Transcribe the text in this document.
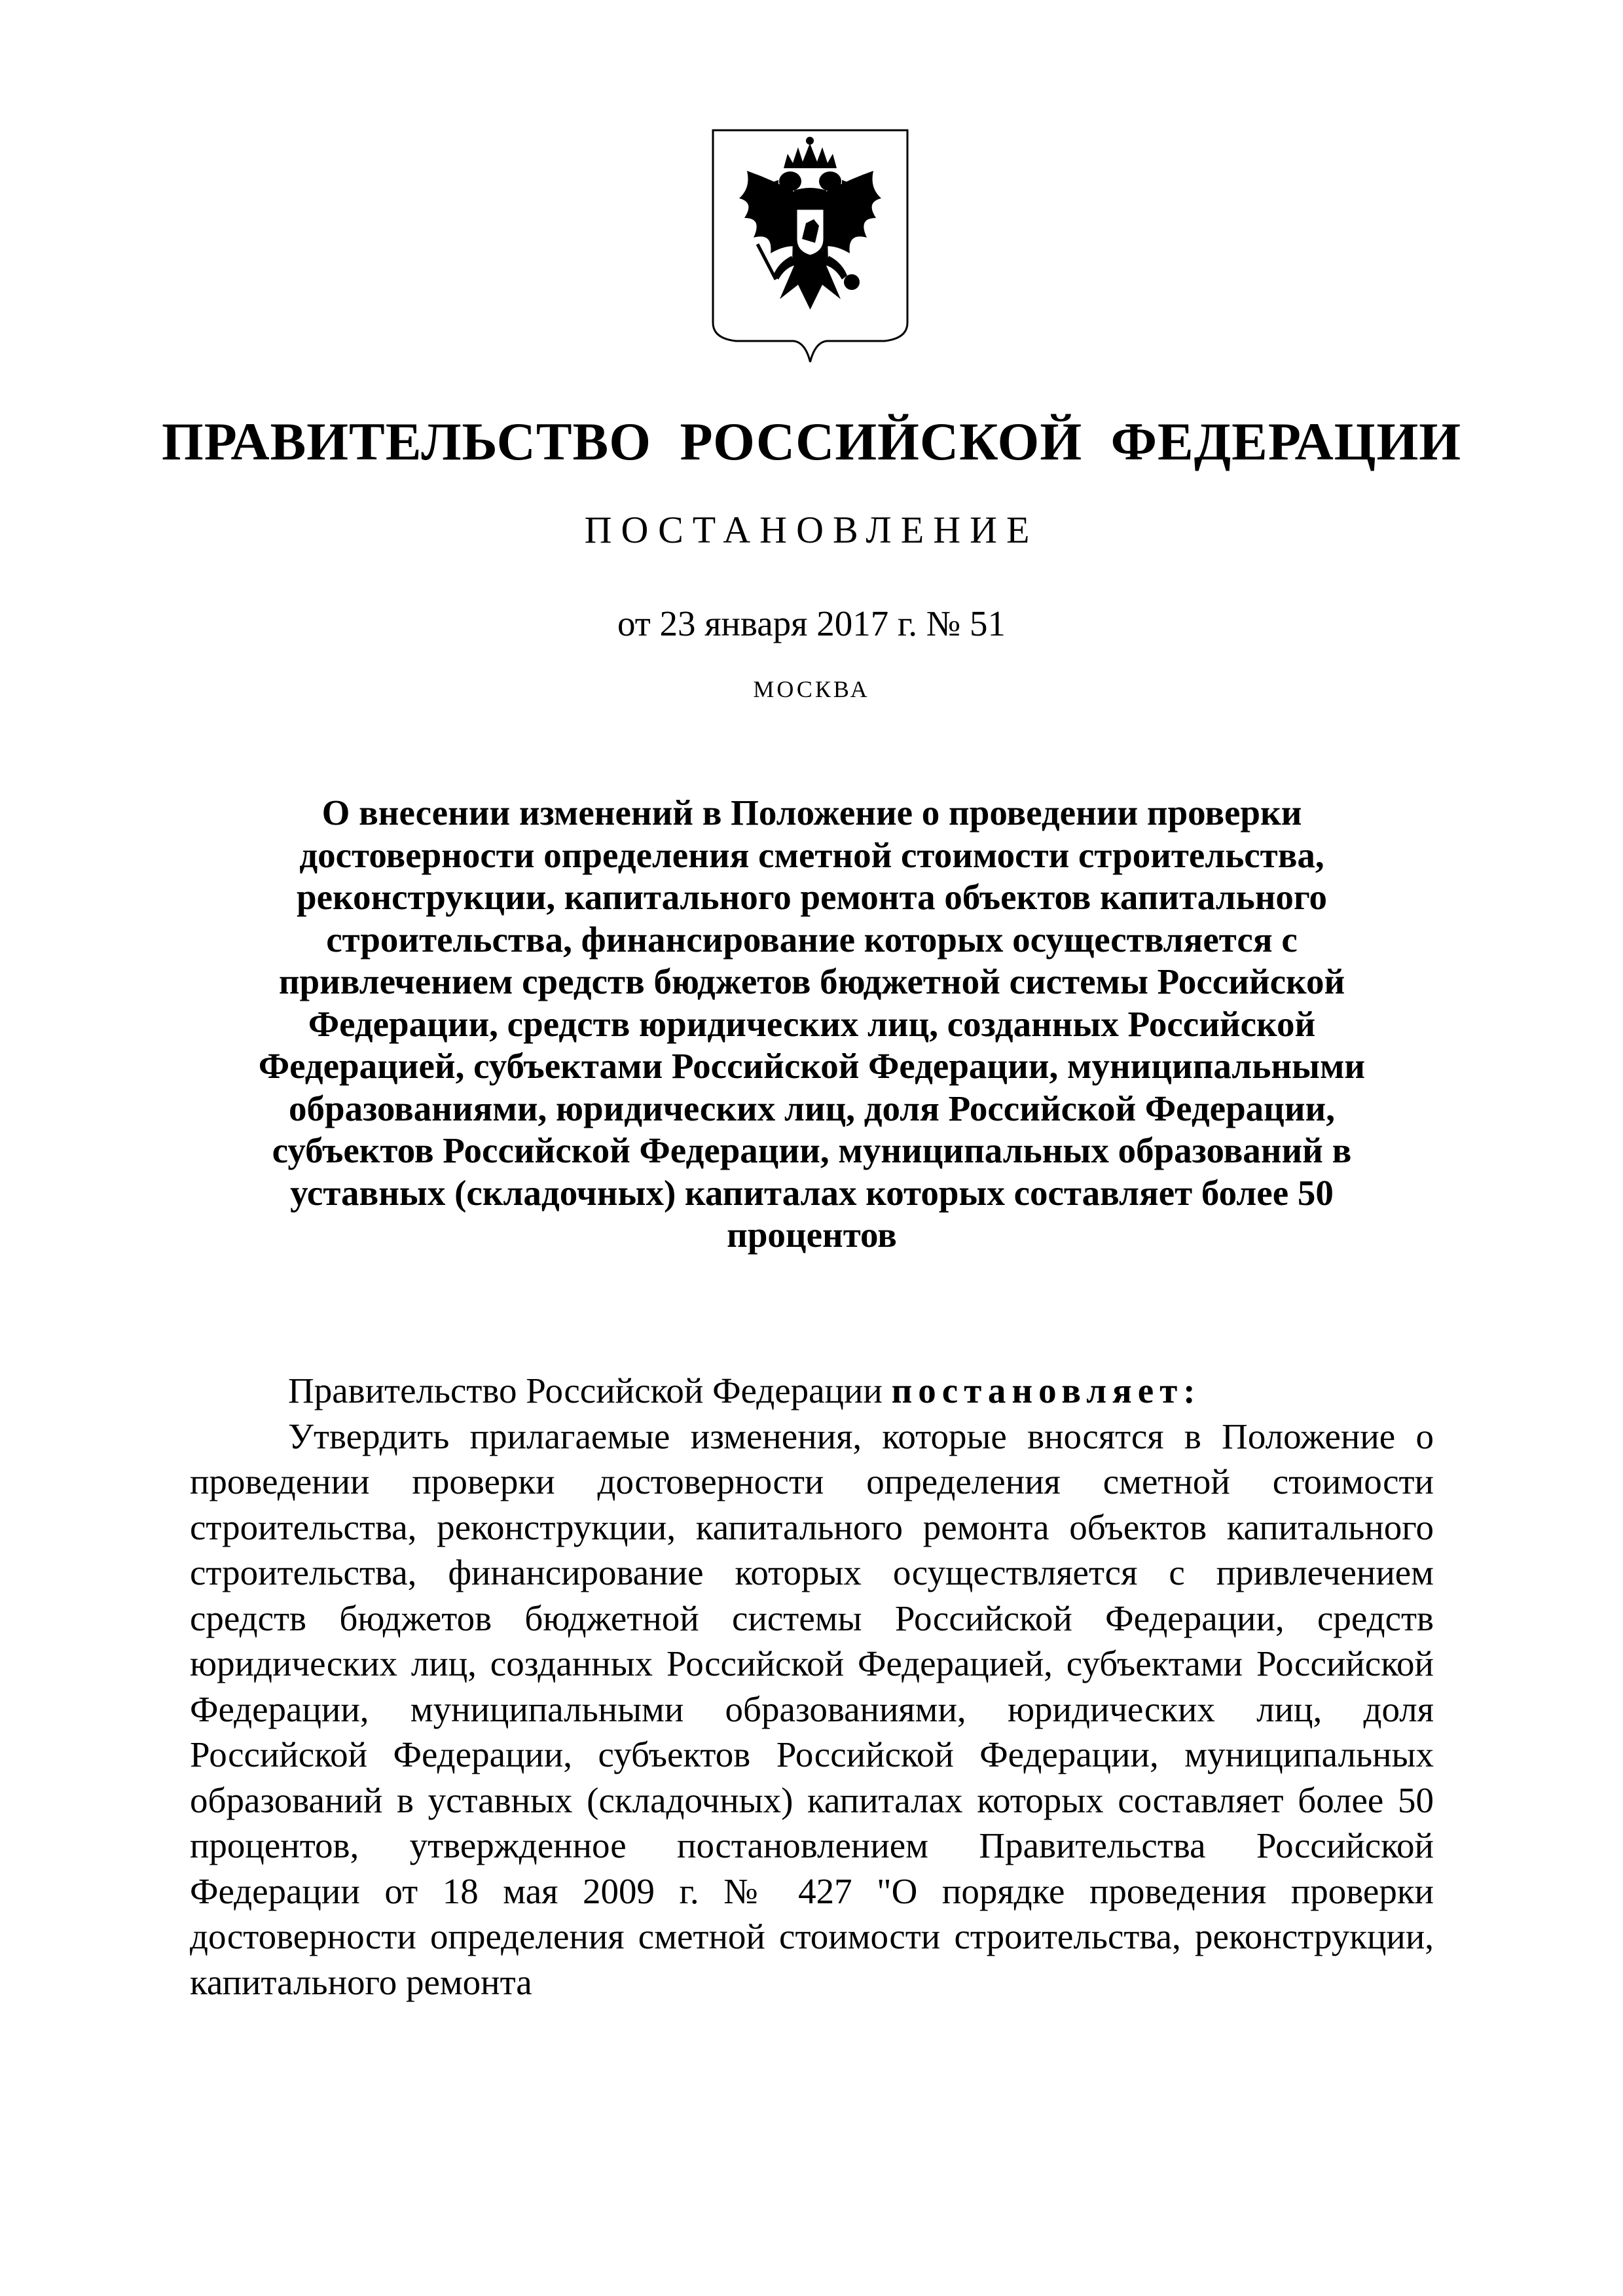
ПРАВИТЕЛЬСТВО РОССИЙСКОЙ ФЕДЕРАЦИИ
ПОСТАНОВЛЕНИЕ
от 23 января 2017 г. № 51
МОСКВА
О внесении изменений в Положение о проведении проверки достоверности определения сметной стоимости строительства, реконструкции, капитального ремонта объектов капитального строительства, финансирование которых осуществляется с привлечением средств бюджетов бюджетной системы Российской Федерации, средств юридических лиц, созданных Российской Федерацией, субъектами Российской Федерации, муниципальными образованиями, юридических лиц, доля Российской Федерации, субъектов Российской Федерации, муниципальных образований в уставных (складочных) капиталах которых составляет более 50 процентов

Правительство Российской Федерации постановляет:

Утвердить прилагаемые изменения, которые вносятся в Положение о проведении проверки достоверности определения сметной стоимости строительства, реконструкции, капитального ремонта объектов капитального строительства, финансирование которых осуществляется с привлечением средств бюджетов бюджетной системы Российской Федерации, средств юридических лиц, созданных Российской Федерацией, субъектами Российской Федерации, муниципальными образованиями, юридических лиц, доля Российской Федерации, субъектов Российской Федерации, муниципальных образований в уставных (складочных) капиталах которых составляет более 50 процентов, утвержденное постановлением Правительства Российской Федерации от 18 мая 2009 г. № 427 "О порядке проведения проверки достоверности определения сметной стоимости строительства, реконструкции, капитального ремонта
